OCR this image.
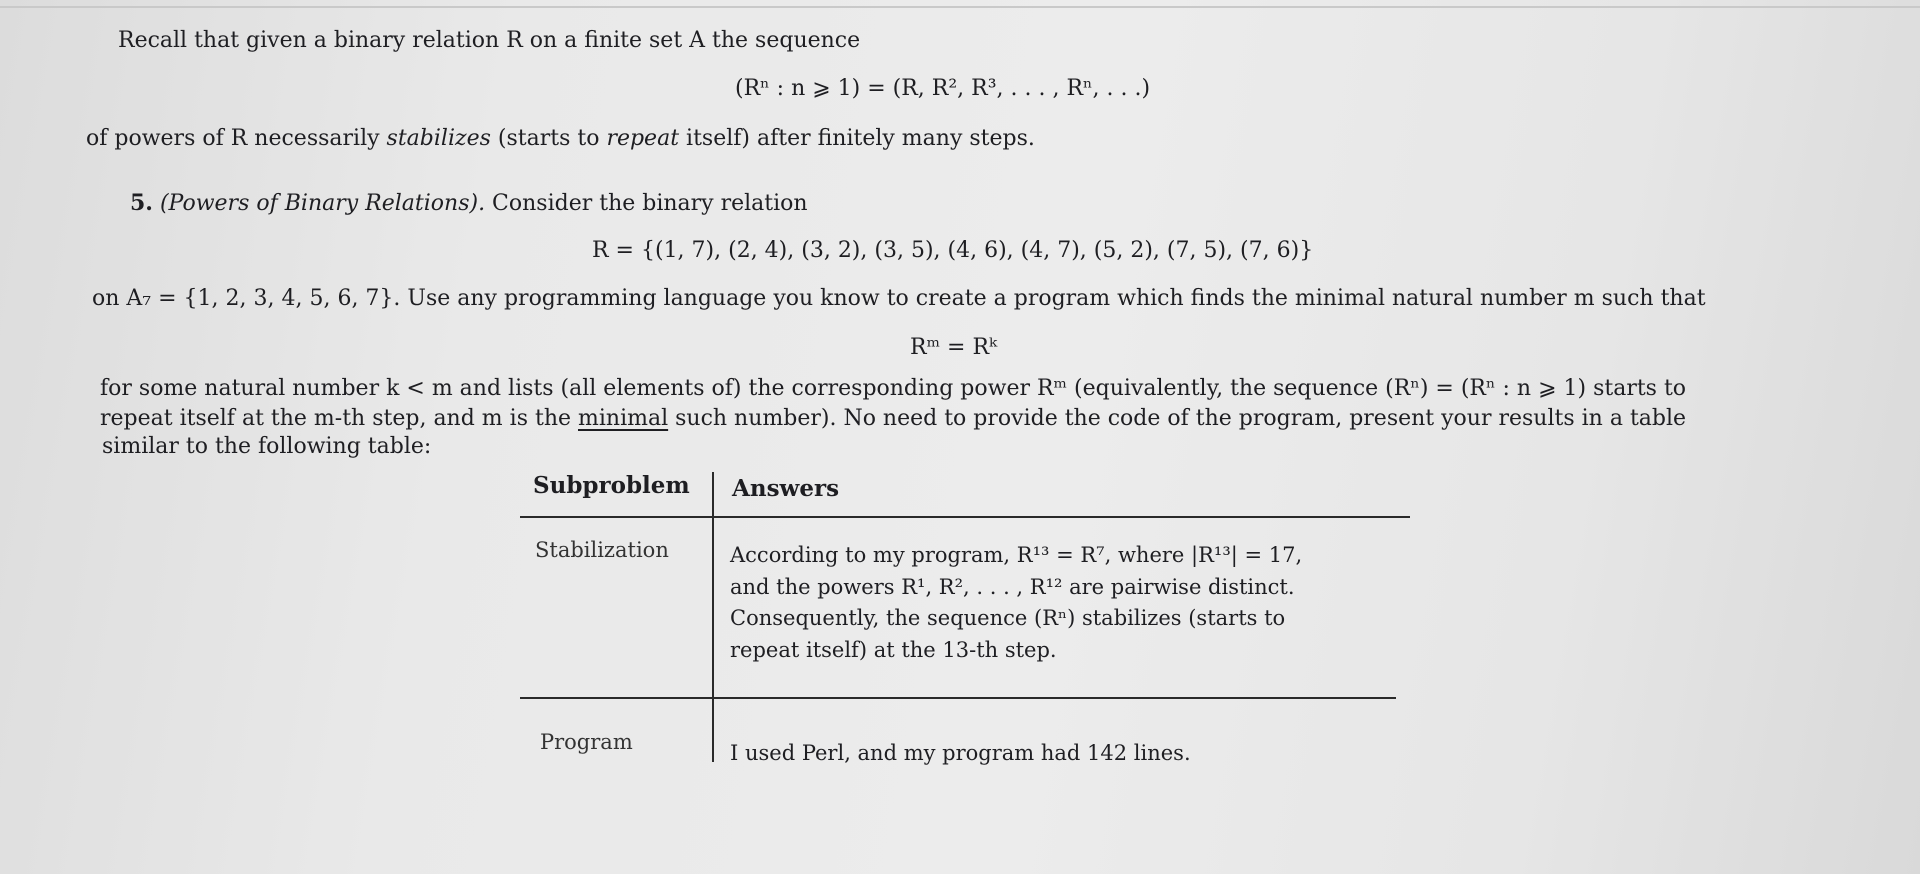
Recall that given a binary relation R on a finite set A the sequence
(Rⁿ : n ⩾ 1) = (R, R², R³, . . . , Rⁿ, . . .)
of powers of R necessarily stabilizes (starts to repeat itself) after finitely many steps.
5. (Powers of Binary Relations). Consider the binary relation
R = {(1, 7), (2, 4), (3, 2), (3, 5), (4, 6), (4, 7), (5, 2), (7, 5), (7, 6)}
on A₇ = {1, 2, 3, 4, 5, 6, 7}. Use any programming language you know to create a program which finds the minimal natural number m such that
Rᵐ = Rᵏ
for some natural number k < m and lists (all elements of) the corresponding power Rᵐ (equivalently, the sequence (Rⁿ) = (Rⁿ : n ⩾ 1) starts to
repeat itself at the m-th step, and m is the minimal such number). No need to provide the code of the program, present your results in a table
similar to the following table:
Subproblem Answers
Stabilization	According to my program, R¹³ = R⁷, where |R¹³| = 17,
and the powers R¹, R², . . . , R¹² are pairwise distinct.
Consequently, the sequence (Rⁿ) stabilizes (starts to
repeat itself) at the 13-th step.
Program	I used Perl, and my program had 142 lines.
